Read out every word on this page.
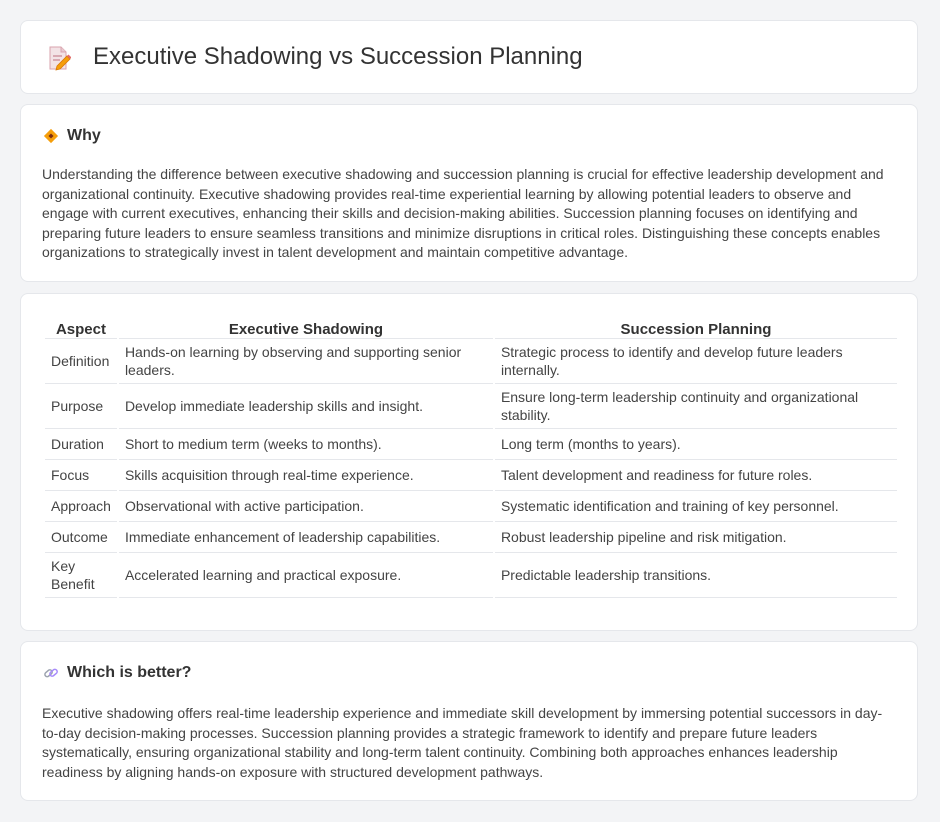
Executive Shadowing vs Succession Planning
Why

Understanding the difference between executive shadowing and succession planning is crucial for effective leadership development and organizational continuity. Executive shadowing provides real-time experiential learning by allowing potential leaders to observe and engage with current executives, enhancing their skills and decision-making abilities. Succession planning focuses on identifying and preparing future leaders to ensure seamless transitions and minimize disruptions in critical roles. Distinguishing these concepts enables organizations to strategically invest in talent development and maintain competitive advantage.

Aspect	Executive Shadowing	Succession Planning
Definition	Hands-on learning by observing and supporting senior leaders.	Strategic process to identify and develop future leaders internally.
Purpose	Develop immediate leadership skills and insight.	Ensure long-term leadership continuity and organizational stability.
Duration	Short to medium term (weeks to months).	Long term (months to years).
Focus	Skills acquisition through real-time experience.	Talent development and readiness for future roles.
Approach	Observational with active participation.	Systematic identification and training of key personnel.
Outcome	Immediate enhancement of leadership capabilities.	Robust leadership pipeline and risk mitigation.
Key Benefit	Accelerated learning and practical exposure.	Predictable leadership transitions.
Which is better?

Executive shadowing offers real-time leadership experience and immediate skill development by immersing potential successors in day-to-day decision-making processes. Succession planning provides a strategic framework to identify and prepare future leaders systematically, ensuring organizational stability and long-term talent continuity. Combining both approaches enhances leadership readiness by aligning hands-on exposure with structured development pathways.
